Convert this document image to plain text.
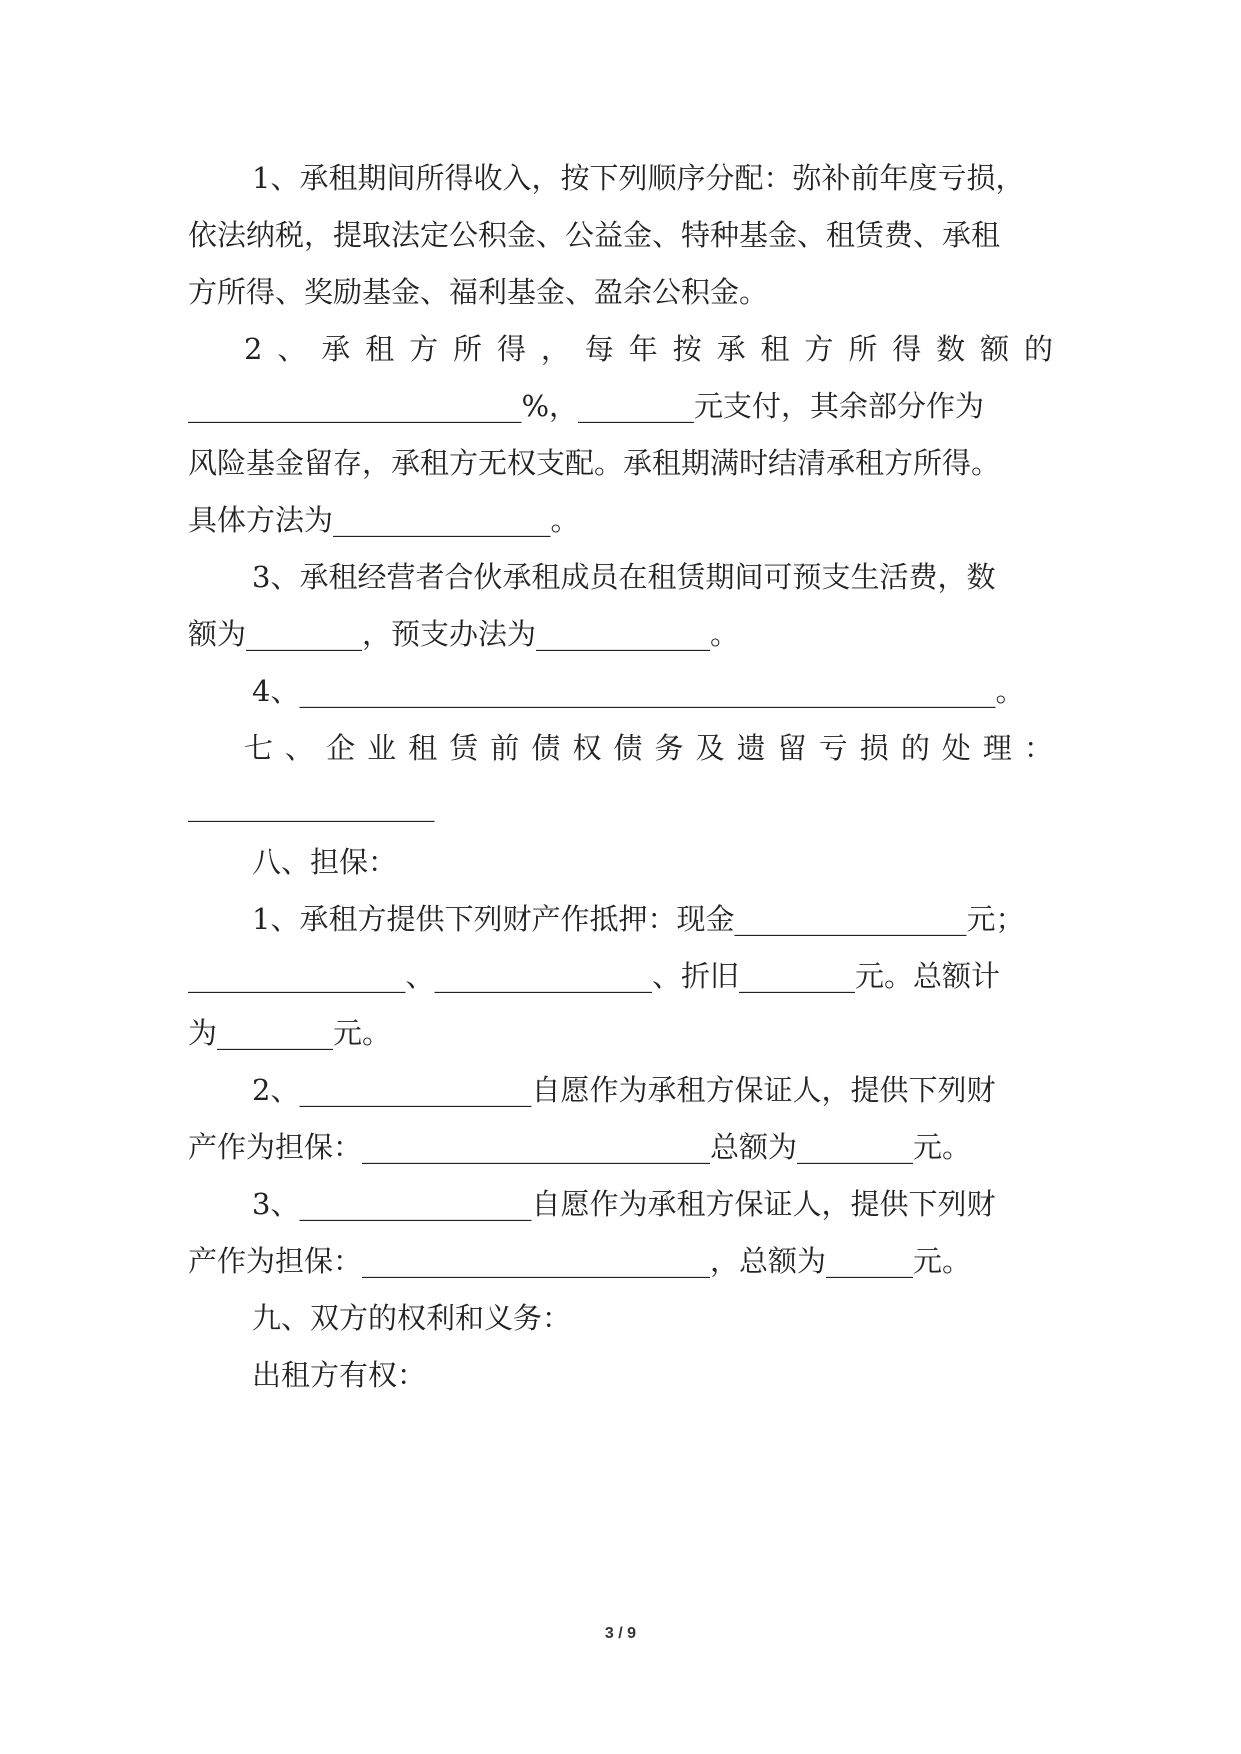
1、承租期间所得收入，按下列顺序分配：弥补前年度亏损，
依法纳税，提取法定公积金、公益金、特种基金、租赁费、承租
方所得、奖励基金、福利基金、盈余公积金。
2、承租方所得，每年按承租方所得数额的
_______________________%，________元支付，其余部分作为
风险基金留存，承租方无权支配。承租期满时结清承租方所得。
具体方法为_______________。
3、承租经营者合伙承租成员在租赁期间可预支生活费，数
额为________，预支办法为____________。
4、________________________________________________。
七、企业租赁前债权债务及遗留亏损的处理：
_________________
八、担保：
1、承租方提供下列财产作抵押：现金________________元；
_______________、_______________、折旧________元。总额计
为________元。
2、________________自愿作为承租方保证人，提供下列财
产作为担保：________________________总额为________元。
3、________________自愿作为承租方保证人，提供下列财
产作为担保：________________________，总额为______元。
九、双方的权利和义务：
出租方有权：
3 / 9
